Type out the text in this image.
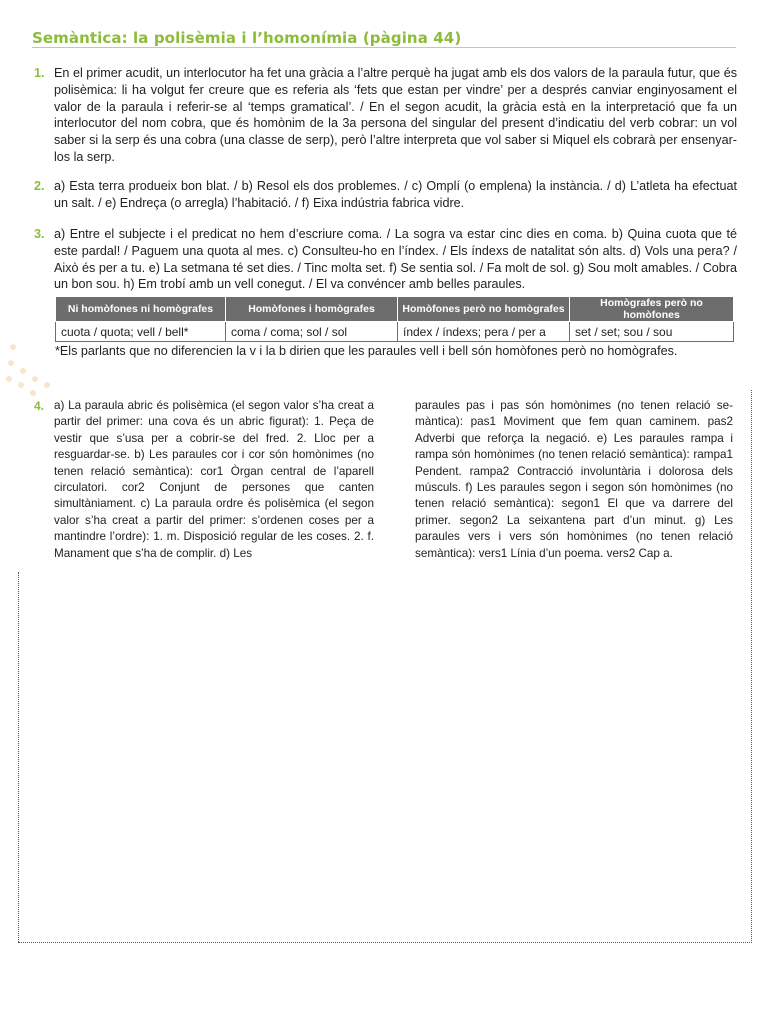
Semàntica: la polisèmia i l’homonímia (pàgina 44)
1. En el primer acudit, un interlocutor ha fet una gràcia a l’altre perquè ha jugat amb els dos valors de la paraula futur, que és polisèmica: li ha volgut fer creure que es referia als ‘fets que estan per vindre’ per a després canviar enginyosament el valor de la paraula i referir-se al ‘temps gramatical’. / En el segon acudit, la gràcia està en la interpretació que fa un interlocutor del nom cobra, que és homònim de la 3a persona del singular del present d’indicatiu del verb cobrar: un vol saber si la serp és una cobra (una classe de serp), però l’altre interpreta que vol saber si Miquel els cobrarà per ensenyar-los la serp.
2. a) Esta terra produeix bon blat. / b) Resol els dos problemes. / c) Omplí (o emplena) la instància. / d) L’atleta ha efectuat un salt. / e) Endreça (o arregla) l’habitació. / f) Eixa indústria fabrica vidre.
3. a) Entre el subjecte i el predicat no hem d’escriure coma. / La sogra va estar cinc dies en coma. b) Quina cuota que té este pardal! / Paguem una quota al mes. c) Consulteu-ho en l’índex. / Els índexs de natalitat són alts. d) Vols una pera? / Això és per a tu. e) La setmana té set dies. / Tinc molta set. f) Se sentia sol. / Fa molt de sol. g) Sou molt amables. / Cobra un bon sou. h) Em trobí amb un vell conegut. / El va convéncer amb belles paraules.
Ni homòfones ni homògrafes	Homòfones i homògrafes	Homòfones però no homògrafes	Homògrafes però no homòfones
cuota / quota; vell / bell*	coma / coma; sol / sol	índex / índexs; pera / per a	set / set; sou / sou
*Els parlants que no diferencien la v i la b dirien que les paraules vell i bell són homòfones però no homògrafes.
4. a) La paraula abric és polisèmica (el segon valor s’ha creat a partir del primer: una cova és un abric figurat): 1. Peça de vestir que s’usa per a cobrir-se del fred. 2. Lloc per a resguardar-se. b) Les paraules cor i cor són homònimes (no tenen relació semàntica): cor1 Òrgan central de l’aparell circulatori. cor2 Conjunt de persones que canten simultàniament. c) La paraula ordre és polisèmica (el segon valor s’ha creat a partir del primer: s’ordenen coses per a mantindre l’ordre): 1. m. Disposició regular de les coses. 2. f. Manament que s’ha de complir. d) Les
paraules pas i pas són homònimes (no tenen relació semàntica): pas1 Moviment que fem quan caminem. pas2 Adverbi que reforça la negació. e) Les paraules rampa i rampa són homònimes (no tenen relació semàntica): rampa1 Pendent. rampa2 Contracció involuntària i dolorosa dels músculs. f) Les paraules segon i segon són homònimes (no tenen relació semàntica): segon1 El que va darrere del primer. segon2 La seixantena part d’un minut. g) Les paraules vers i vers són homònimes (no tenen relació semàntica): vers1 Línia d’un poema. vers2 Cap a.
